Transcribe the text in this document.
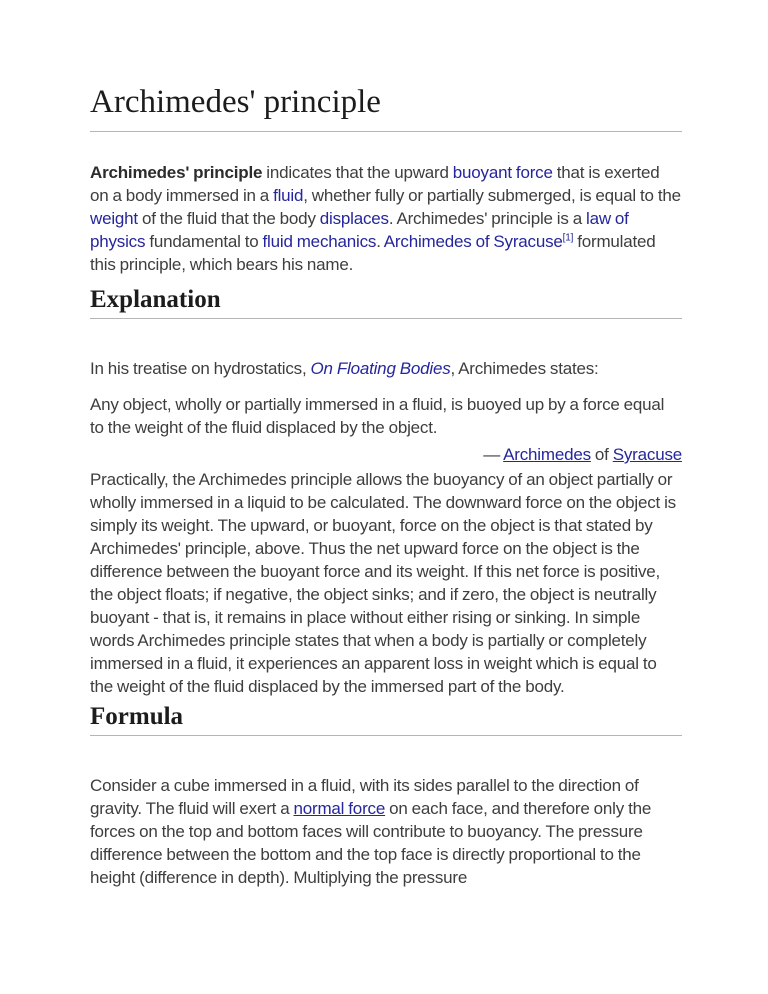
Archimedes' principle

Archimedes' principle indicates that the upward buoyant force that is exerted on a body immersed in a fluid, whether fully or partially submerged, is equal to the weight of the fluid that the body displaces. Archimedes' principle is a law of physics fundamental to fluid mechanics. Archimedes of Syracuse[1] formulated this principle, which bears his name.

Explanation

In his treatise on hydrostatics, On Floating Bodies, Archimedes states:

Any object, wholly or partially immersed in a fluid, is buoyed up by a force equal to the weight of the fluid displaced by the object.
— Archimedes of Syracuse

Practically, the Archimedes principle allows the buoyancy of an object partially or wholly immersed in a liquid to be calculated. The downward force on the object is simply its weight. The upward, or buoyant, force on the object is that stated by Archimedes' principle, above. Thus the net upward force on the object is the difference between the buoyant force and its weight. If this net force is positive, the object floats; if negative, the object sinks; and if zero, the object is neutrally buoyant - that is, it remains in place without either rising or sinking. In simple words Archimedes principle states that when a body is partially or completely immersed in a fluid, it experiences an apparent loss in weight which is equal to the weight of the fluid displaced by the immersed part of the body.

Formula

Consider a cube immersed in a fluid, with its sides parallel to the direction of gravity. The fluid will exert a normal force on each face, and therefore only the forces on the top and bottom faces will contribute to buoyancy. The pressure difference between the bottom and the top face is directly proportional to the height (difference in depth). Multiplying the pressure
